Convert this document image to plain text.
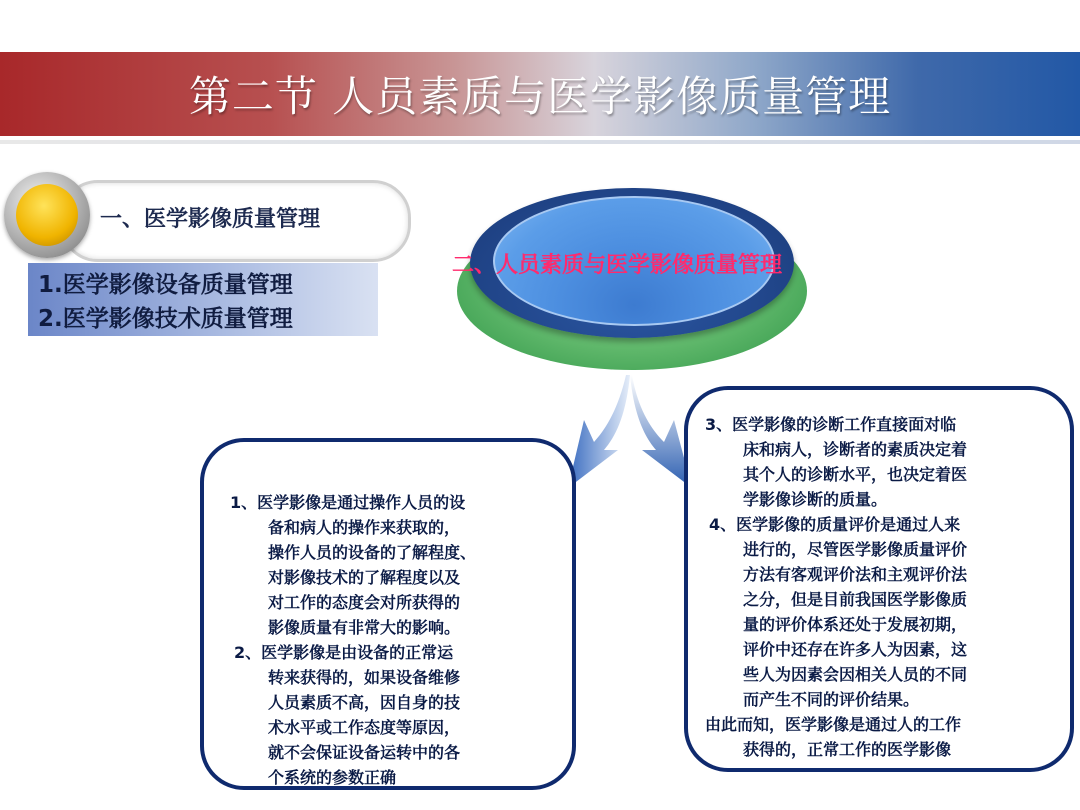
第二节 人员素质与医学影像质量管理
一、医学影像质量管理
1.医学影像设备质量管理
2.医学影像技术质量管理
二、人员素质与医学影像质量管理
1、医学影像是通过操作人员的设
备和病人的操作来获取的，
操作人员的设备的了解程度、
对影像技术的了解程度以及
对工作的态度会对所获得的
影像质量有非常大的影响。
2、医学影像是由设备的正常运
转来获得的，如果设备维修
人员素质不高，因自身的技
术水平或工作态度等原因，
就不会保证设备运转中的各
个系统的参数正确
3、医学影像的诊断工作直接面对临
床和病人，诊断者的素质决定着
其个人的诊断水平，也决定着医
学影像诊断的质量。
4、医学影像的质量评价是通过人来
进行的，尽管医学影像质量评价
方法有客观评价法和主观评价法
之分，但是目前我国医学影像质
量的评价体系还处于发展初期，
评价中还存在许多人为因素，这
些人为因素会因相关人员的不同
而产生不同的评价结果。
由此而知，医学影像是通过人的工作
获得的，正常工作的医学影像
